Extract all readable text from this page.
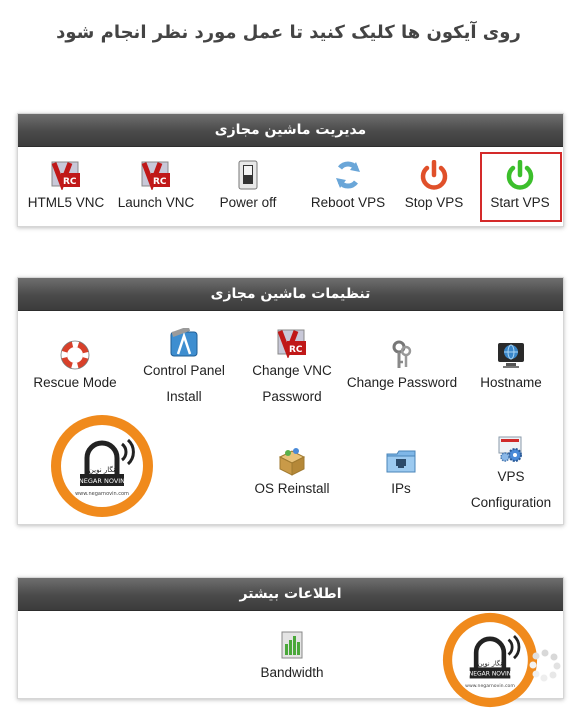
روی آیکون ها کلیک کنید تا عمل مورد نظر انجام شود
مدیریت ماشین مجازی
RC
HTML5 VNC
RC
Launch VNC	Power off	Reboot VPS	Stop VPS	Start VPS
تنظیمات ماشین مجازی
Rescue Mode
Control Panel
Install
RC
Change VNC
Password
Change Password	Hostname
OS Reinstall	IPs
VPS
Configuration
NEGAR NOVIN
نگار نوین
www.negarnovin.com
اطلاعات بیشتر
Bandwidth	NEGAR NOVIN
نگار نوین
www.negarnovin.com
